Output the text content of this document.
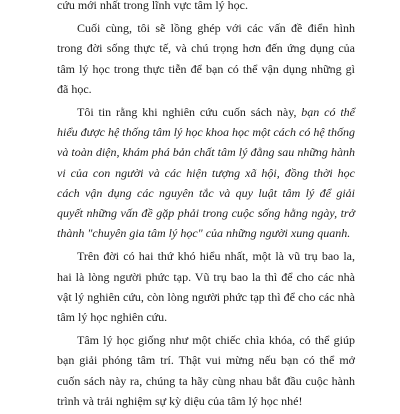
cứu mới nhất trong lĩnh vực tâm lý học.

Cuối cùng, tôi sẽ lồng ghép với các vấn đề điển hình trong đời sống thực tế, và chú trọng hơn đến ứng dụng của tâm lý học trong thực tiễn để bạn có thể vận dụng những gì đã học.

Tôi tin rằng khi nghiên cứu cuốn sách này, bạn có thể hiểu được hệ thống tâm lý học khoa học một cách có hệ thống và toàn diện, khám phá bản chất tâm lý đằng sau những hành vi của con người và các hiện tượng xã hội, đồng thời học cách vận dụng các nguyên tắc và quy luật tâm lý để giải quyết những vấn đề gặp phải trong cuộc sống hằng ngày, trở thành "chuyên gia tâm lý học" của những người xung quanh.

Trên đời có hai thứ khó hiểu nhất, một là vũ trụ bao la, hai là lòng người phức tạp. Vũ trụ bao la thì để cho các nhà vật lý nghiên cứu, còn lòng người phức tạp thì để cho các nhà tâm lý học nghiên cứu.

Tâm lý học giống như một chiếc chìa khóa, có thể giúp bạn giải phóng tâm trí. Thật vui mừng nếu bạn có thể mở cuốn sách này ra, chúng ta hãy cùng nhau bắt đầu cuộc hành trình và trải nghiệm sự kỳ diệu của tâm lý học nhé!
